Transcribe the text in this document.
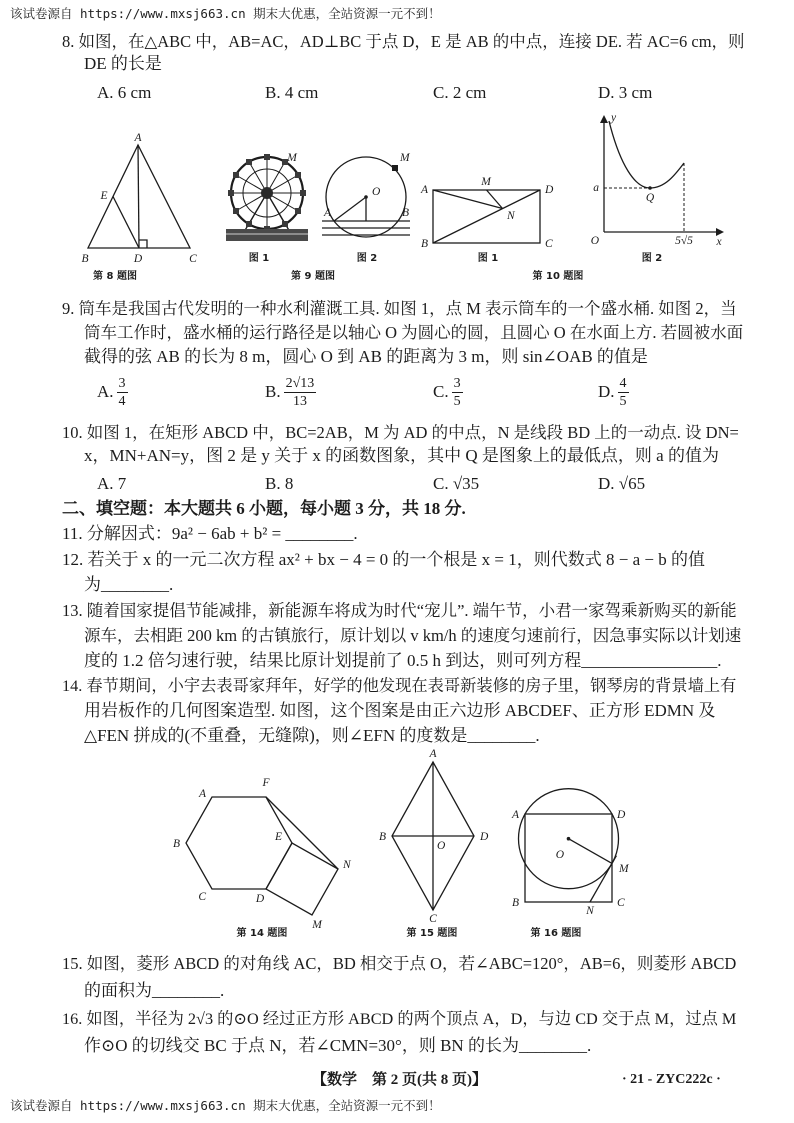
该试卷源自 https://www.mxsj663.cn 期末大优惠，全站资源一元不到！
8. 如图，在△ABC 中，AB=AC，AD⊥BC 于点 D，E 是 AB 的中点，连接 DE. 若 AC=6 cm，则
DE 的长是
A. 6 cm	B. 4 cm	C. 2 cm	D. 3 cm
9. 筒车是我国古代发明的一种水利灌溉工具. 如图 1，点 M 表示筒车的一个盛水桶. 如图 2，当
筒车工作时，盛水桶的运行路径是以轴心 O 为圆心的圆，且圆心 O 在水面上方. 若圆被水面
截得的弦 AB 的长为 8 m，圆心 O 到 AB 的距离为 3 m，则 sin∠OAB 的值是
A. $\frac{3}{4}$	B. $\frac{2√13}{13}$	C. $\frac{3}{5}$	D. $\frac{4}{5}$
10. 如图 1，在矩形 ABCD 中，BC=2AB，M 为 AD 的中点，N 是线段 BD 上的一动点. 设 DN=
x，MN+AN=y，图 2 是 y 关于 x 的函数图象，其中 Q 是图象上的最低点，则 a 的值为
A. 7	B. 8	C. √35	D. √65
二、填空题：本大题共 6 小题，每小题 3 分，共 18 分.
11. 分解因式：9a² − 6ab + b² = ________.
12. 若关于 x 的一元二次方程 ax² + bx − 4 = 0 的一个根是 x = 1，则代数式 8 − a − b 的值
为________.
13. 随着国家提倡节能减排，新能源车将成为时代“宠儿”. 端午节，小君一家驾乘新购买的新能
源车，去相距 200 km 的古镇旅行，原计划以 v km/h 的速度匀速前行，因急事实际以计划速
度的 1.2 倍匀速行驶，结果比原计划提前了 0.5 h 到达，则可列方程________________.
14. 春节期间，小宇去表哥家拜年，好学的他发现在表哥新装修的房子里，钢琴房的背景墙上有
用岩板作的几何图案造型. 如图，这个图案是由正六边形 ABCDEF、正方形 EDMN 及
△FEN 拼成的(不重叠，无缝隙)，则∠EFN 的度数是________.
15. 如图，菱形 ABCD 的对角线 AC，BD 相交于点 O，若∠ABC=120°，AB=6，则菱形 ABCD
的面积为________.
16. 如图，半径为 2√3 的⊙O 经过正方形 ABCD 的两个顶点 A，D，与边 CD 交于点 M，过点 M
作⊙O 的切线交 BC 于点 N，若∠CMN=30°，则 BN 的长为________.
【数学　第 2 页(共 8 页)】	· 21 - ZYC222c ·
该试卷源自 https://www.mxsj663.cn 期末大优惠，全站资源一元不到！
A
B	D	C
E
第 8 题图
M
图 1
O
A	B
M
图 2
第 9 题图
A	D
B	C
M
N
图 1
y
a
Q
O	5√5 x
图 2
第 10 题图
A
F
B
C	D
E
N
M
第 14 题图
A
B	D
C
O
第 15 题图
A	D
O
M
B	C
N
第 16 题图
